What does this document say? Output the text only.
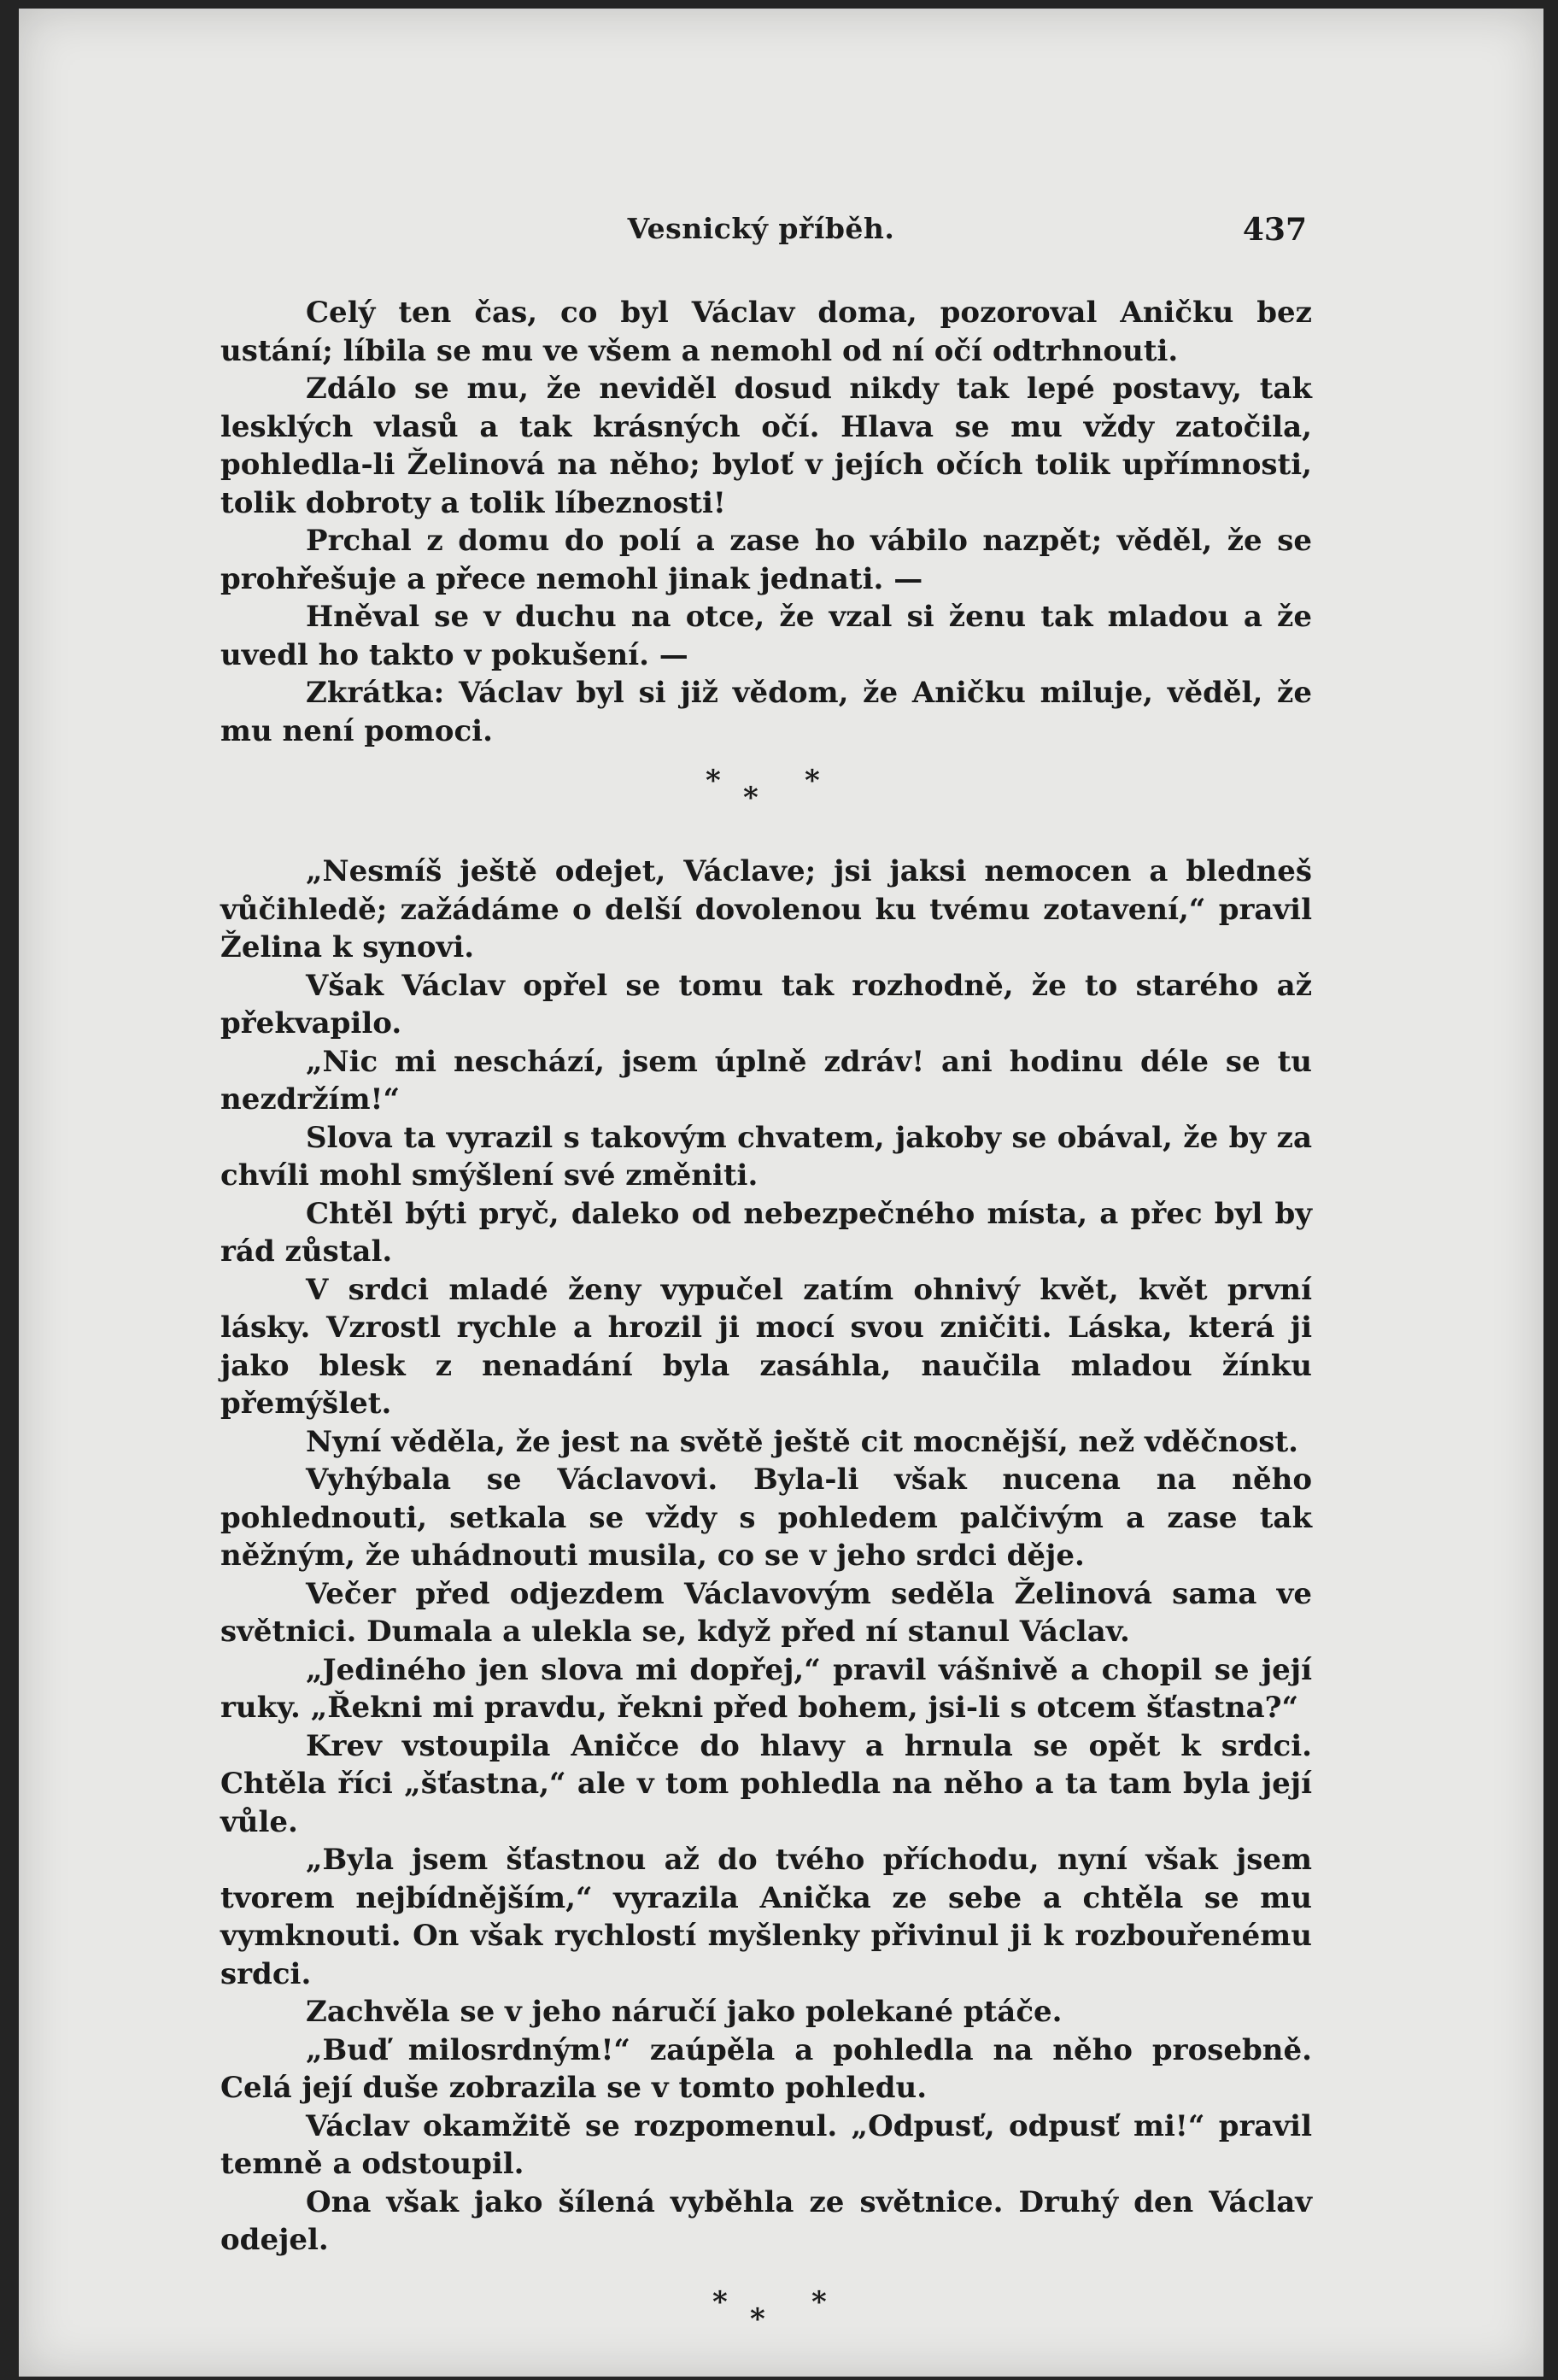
Vesnický příběh.	437

Celý ten čas, co byl Václav doma, pozoroval Aničku bez ustání; líbila se mu ve všem a nemohl od ní očí odtrhnouti.

Zdálo se mu, že neviděl dosud nikdy tak lepé postavy, tak lesklých vlasů a tak krásných očí. Hlava se mu vždy zatočila, pohledla-li Želinová na něho; byloť v jejích očích tolik upřímnosti, tolik dobroty a tolik líbeznosti!

Prchal z domu do polí a zase ho vábilo nazpět; věděl, že se prohřešuje a přece nemohl jinak jednati. —

Hněval se v duchu na otce, že vzal si ženu tak mladou a že uvedl ho takto v pokušení. —

Zkrátka: Václav byl si již vědom, že Aničku miluje, věděl, že mu není pomoci.

* * *

„Nesmíš ještě odejet, Václave; jsi jaksi nemocen a bledneš vůčihledě; zažádáme o delší dovolenou ku tvému zotavení,“ pravil Želina k synovi.

Však Václav opřel se tomu tak rozhodně, že to starého až překvapilo.

„Nic mi neschází, jsem úplně zdráv! ani hodinu déle se tu nezdržím!“

Slova ta vyrazil s takovým chvatem, jakoby se obával, že by za chvíli mohl smýšlení své změniti.

Chtěl býti pryč, daleko od nebezpečného místa, a přec byl by rád zůstal.

V srdci mladé ženy vypučel zatím ohnivý květ, květ první lásky. Vzrostl rychle a hrozil ji mocí svou zničiti. Láska, která ji jako blesk z nenadání byla zasáhla, naučila mladou žínku přemýšlet.

Nyní věděla, že jest na světě ještě cit mocnější, než vděčnost.

Vyhýbala se Václavovi. Byla-li však nucena na něho pohlednouti, setkala se vždy s pohledem palčivým a zase tak něžným, že uhádnouti musila, co se v jeho srdci děje.

Večer před odjezdem Václavovým seděla Želinová sama ve světnici. Dumala a ulekla se, když před ní stanul Václav.

„Jediného jen slova mi dopřej,“ pravil vášnivě a chopil se její ruky. „Řekni mi pravdu, řekni před bohem, jsi-li s otcem šťastna?“

Krev vstoupila Aničce do hlavy a hrnula se opět k srdci. Chtěla říci „šťastna,“ ale v tom pohledla na něho a ta tam byla její vůle.

„Byla jsem šťastnou až do tvého příchodu, nyní však jsem tvorem nejbídnějším,“ vyrazila Anička ze sebe a chtěla se mu vymknouti. On však rychlostí myšlenky přivinul ji k rozbouřenému srdci.

Zachvěla se v jeho náručí jako polekané ptáče.

„Buď milosrdným!“ zaúpěla a pohledla na něho prosebně. Celá její duše zobrazila se v tomto pohledu.

Václav okamžitě se rozpomenul. „Odpusť, odpusť mi!“ pravil temně a odstoupil.

Ona však jako šílená vyběhla ze světnice. Druhý den Václav odejel.

* * *
